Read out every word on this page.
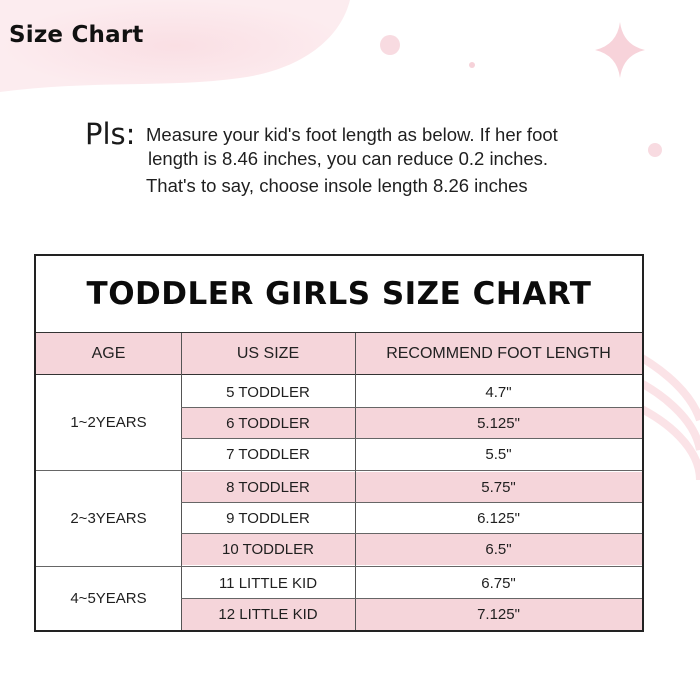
Size Chart
Pls: Measure your kid's foot length as below. If her foot
length is 8.46 inches, you can reduce 0.2 inches.
That's to say, choose insole length 8.26 inches
TODDLER GIRLS SIZE CHART
AGE	US SIZE	RECOMMEND FOOT LENGTH
1~2YEARS
5 TODDLER	4.7"
6 TODDLER	5.125"
7 TODDLER	5.5"
2~3YEARS
8 TODDLER	5.75"
9 TODDLER	6.125"
10 TODDLER	6.5"
4~5YEARS
11 LITTLE KID	6.75"
12 LITTLE KID	7.125"
